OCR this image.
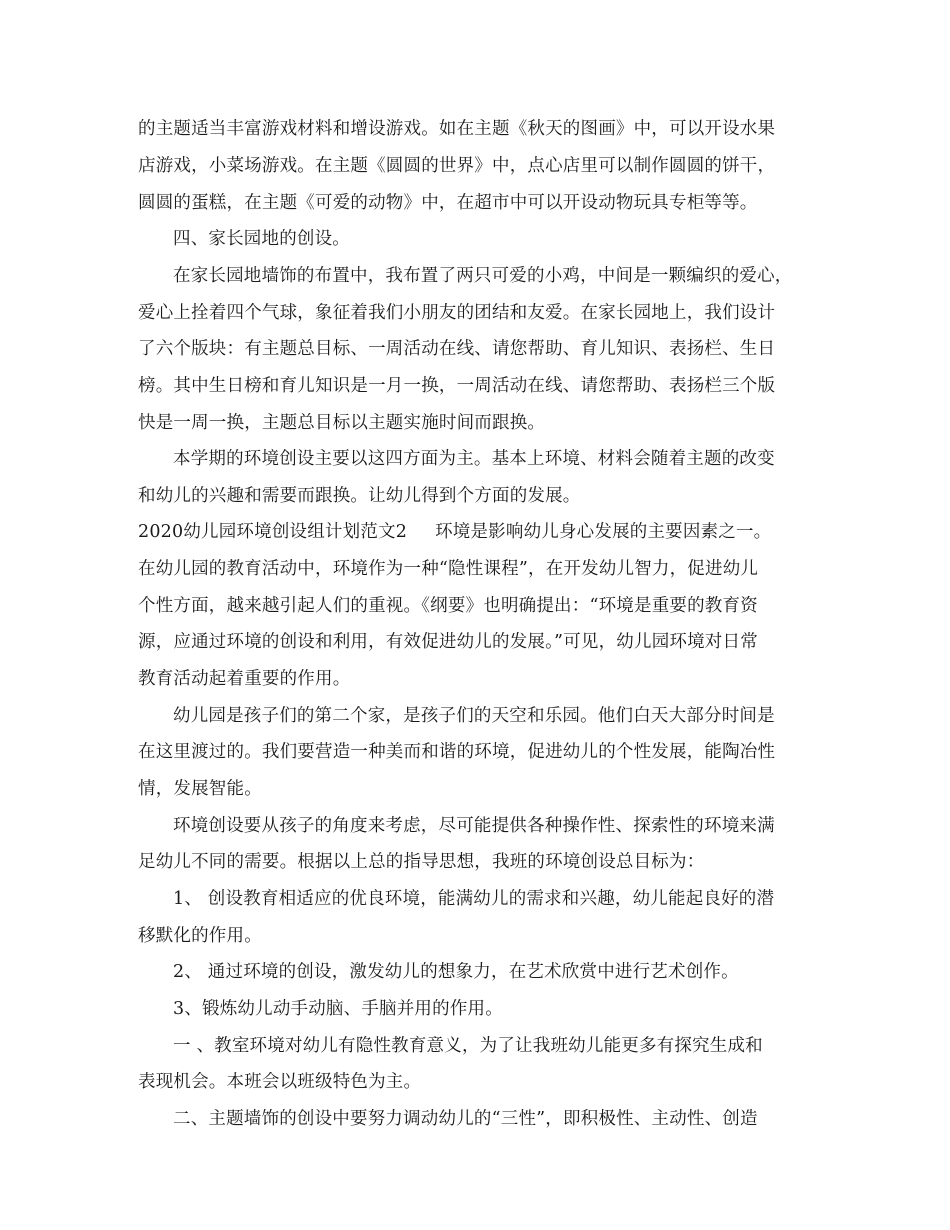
的主题适当丰富游戏材料和增设游戏。如在主题《秋天的图画》中，可以开设水果
店游戏，小菜场游戏。在主题《圆圆的世界》中，点心店里可以制作圆圆的饼干，
圆圆的蛋糕，在主题《可爱的动物》中，在超市中可以开设动物玩具专柜等等。
四、家长园地的创设。
在家长园地墙饰的布置中，我布置了两只可爱的小鸡，中间是一颗编织的爱心，
爱心上拴着四个气球，象征着我们小朋友的团结和友爱。在家长园地上，我们设计
了六个版块：有主题总目标、一周活动在线、请您帮助、育儿知识、表扬栏、生日
榜。其中生日榜和育儿知识是一月一换，一周活动在线、请您帮助、表扬栏三个版
快是一周一换，主题总目标以主题实施时间而跟换。
本学期的环境创设主要以这四方面为主。基本上环境、材料会随着主题的改变
和幼儿的兴趣和需要而跟换。让幼儿得到个方面的发展。
2020幼儿园环境创设组计划范文2 环境是影响幼儿身心发展的主要因素之一。
在幼儿园的教育活动中，环境作为一种“隐性课程”，在开发幼儿智力，促进幼儿
个性方面，越来越引起人们的重视。《纲要》也明确提出：“环境是重要的教育资
源，应通过环境的创设和利用，有效促进幼儿的发展。”可见，幼儿园环境对日常
教育活动起着重要的作用。
幼儿园是孩子们的第二个家，是孩子们的天空和乐园。他们白天大部分时间是
在这里渡过的。我们要营造一种美而和谐的环境，促进幼儿的个性发展，能陶冶性
情，发展智能。
环境创设要从孩子的角度来考虑，尽可能提供各种操作性、探索性的环境来满
足幼儿不同的需要。根据以上总的指导思想，我班的环境创设总目标为：
1、 创设教育相适应的优良环境，能满幼儿的需求和兴趣，幼儿能起良好的潜
移默化的作用。
2、 通过环境的创设，激发幼儿的想象力，在艺术欣赏中进行艺术创作。
3、锻炼幼儿动手动脑、手脑并用的作用。
一 、教室环境对幼儿有隐性教育意义，为了让我班幼儿能更多有探究生成和
表现机会。本班会以班级特色为主。
二、主题墙饰的创设中要努力调动幼儿的“三性”，即积极性、主动性、创造
